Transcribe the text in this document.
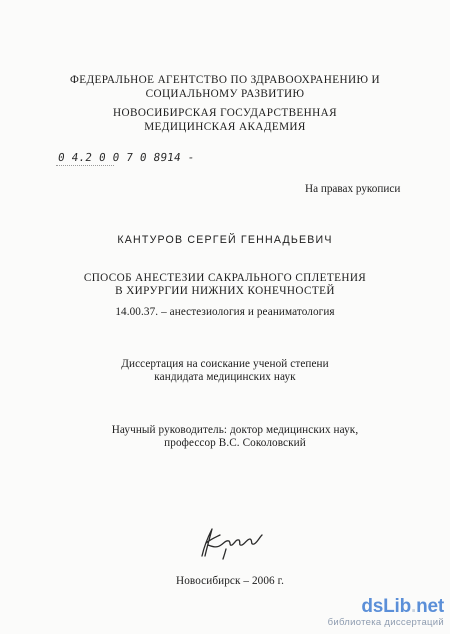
ФЕДЕРАЛЬНОЕ АГЕНТСТВО ПО ЗДРАВООХРАНЕНИЮ И
СОЦИАЛЬНОМУ РАЗВИТИЮ
НОВОСИБИРСКАЯ ГОСУДАРСТВЕННАЯ
МЕДИЦИНСКАЯ АКАДЕМИЯ
0 4.2 0 0 7 0 8914 -
На правах рукописи
КАНТУРОВ СЕРГЕЙ ГЕННАДЬЕВИЧ
СПОСОБ АНЕСТЕЗИИ САКРАЛЬНОГО СПЛЕТЕНИЯ
В ХИРУРГИИ НИЖНИХ КОНЕЧНОСТЕЙ
14.00.37. – анестезиология и реаниматология
Диссертация на соискание ученой степени
кандидата медицинских наук
Научный руководитель: доктор медицинских наук,
профессор В.С. Соколовский
Новосибирск – 2006 г.
dsLib.net
библиотека диссертаций
